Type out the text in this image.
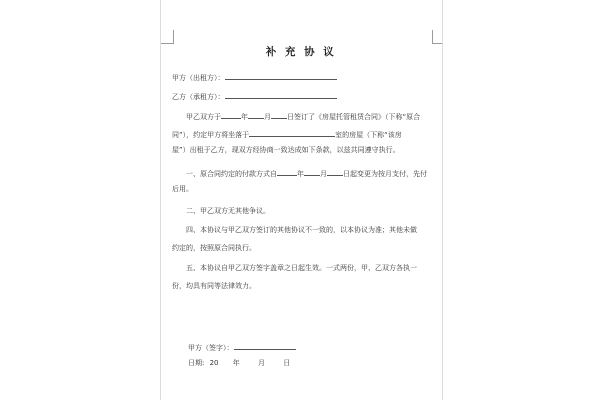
补 充 协 议
甲方（出租方）：
乙方（承租方）：
甲乙双方于	年 月 日签订了《房屋托管租赁合同》（下称“原合
同”），约定甲方将坐落于	室的房屋（下称“该房
屋”）出租于乙方，现双方经协商一致达成如下条款，以兹共同遵守执行。
一、原合同约定的付款方式自	年 月 日起变更为按月支付，先付
后用。
二、甲乙双方无其他争议。
四、本协议与甲乙双方签订的其他协议不一致的，以本协议为准；其他未做
约定的，按照原合同执行。
五、本协议自甲乙双方签字盖章之日起生效。一式两份，甲、乙双方各执一
份，均具有同等法律效力。
甲方（签字）：
日期: 20 年	月	日
